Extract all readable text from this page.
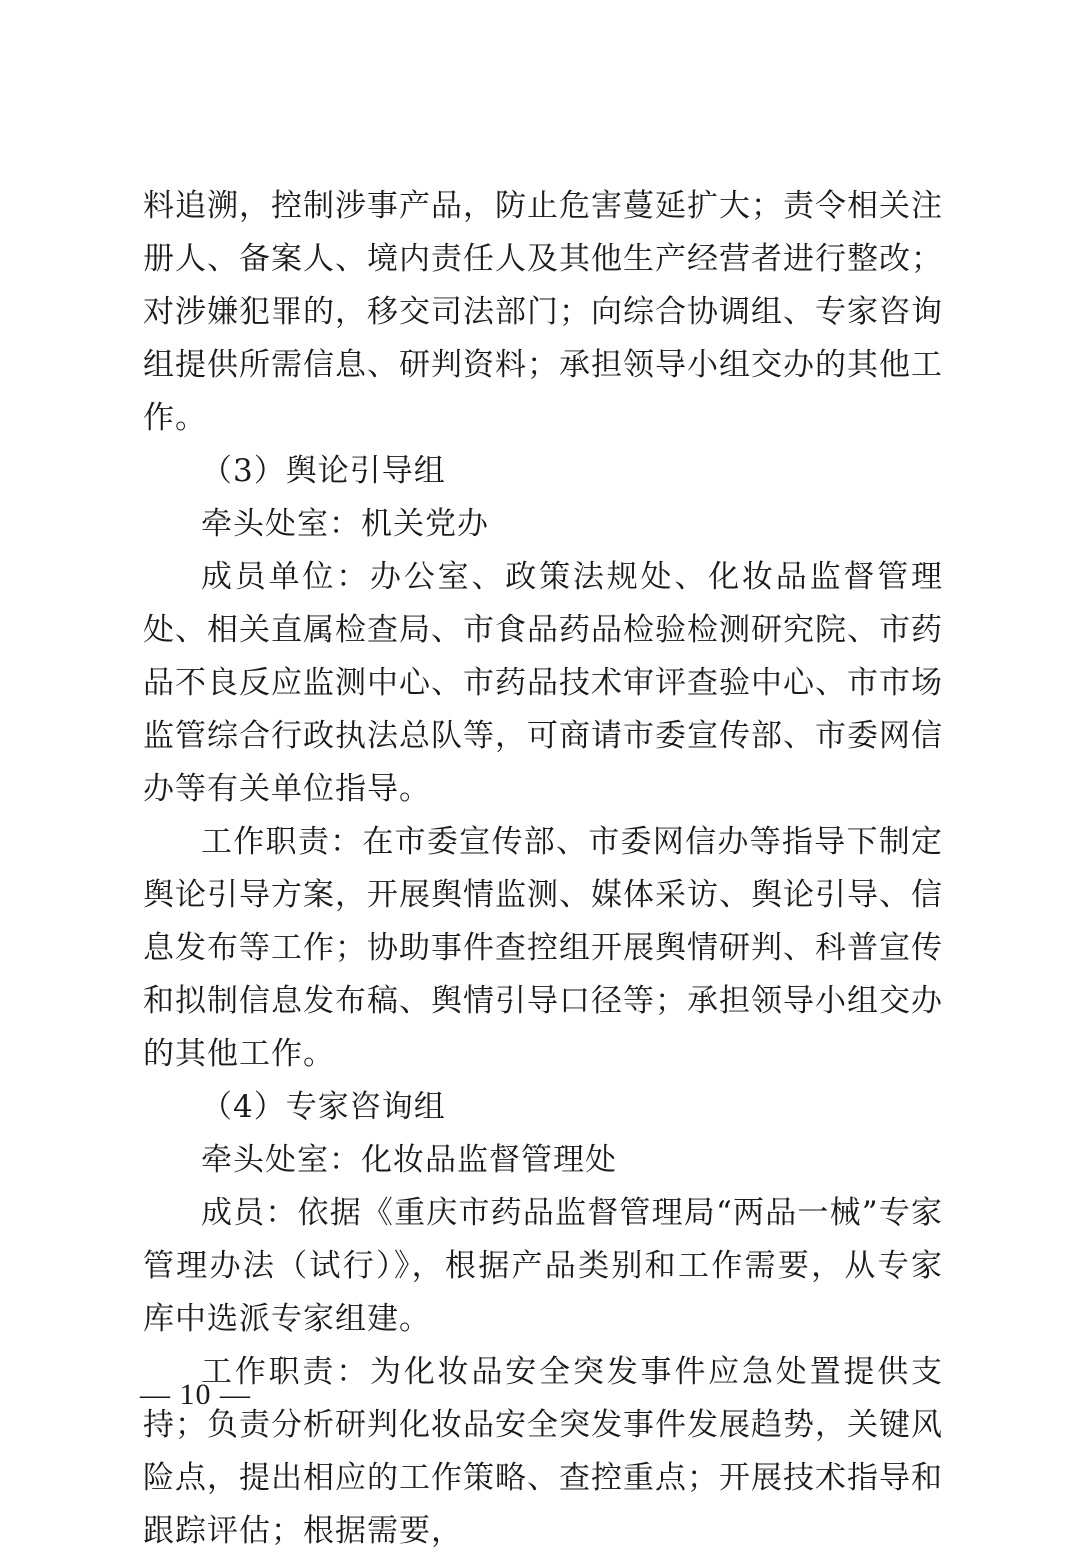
料追溯，控制涉事产品，防止危害蔓延扩大；责令相关注册人、备案人、境内责任人及其他生产经营者进行整改；对涉嫌犯罪的，移交司法部门；向综合协调组、专家咨询组提供所需信息、研判资料；承担领导小组交办的其他工作。

（3）舆论引导组

牵头处室：机关党办

成员单位：办公室、政策法规处、化妆品监督管理处、相关直属检查局、市食品药品检验检测研究院、市药品不良反应监测中心、市药品技术审评查验中心、市市场监管综合行政执法总队等，可商请市委宣传部、市委网信办等有关单位指导。

工作职责：在市委宣传部、市委网信办等指导下制定舆论引导方案，开展舆情监测、媒体采访、舆论引导、信息发布等工作；协助事件查控组开展舆情研判、科普宣传和拟制信息发布稿、舆情引导口径等；承担领导小组交办的其他工作。

（4）专家咨询组

牵头处室：化妆品监督管理处

成员：依据《重庆市药品监督管理局“两品一械”专家管理办法（试行）》，根据产品类别和工作需要，从专家库中选派专家组建。

工作职责：为化妆品安全突发事件应急处置提供支持；负责分析研判化妆品安全突发事件发展趋势，关键风险点，提出相应的工作策略、查控重点；开展技术指导和跟踪评估；根据需要，

— 10 —
